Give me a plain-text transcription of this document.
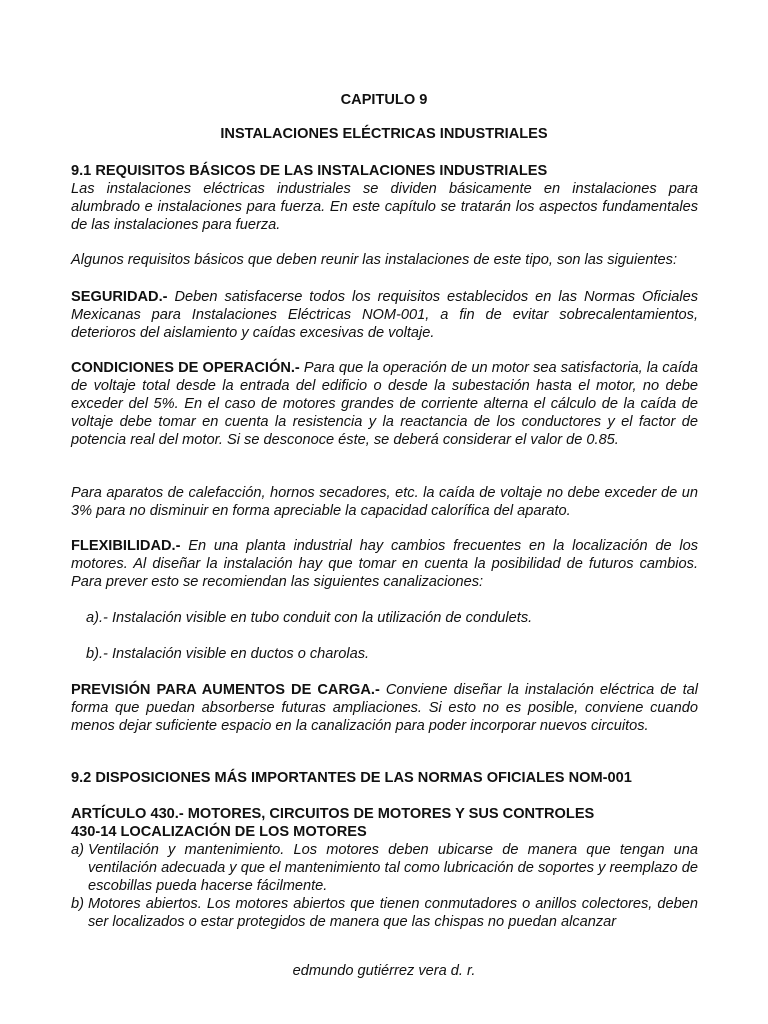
CAPITULO 9
INSTALACIONES ELÉCTRICAS INDUSTRIALES
9.1 REQUISITOS BÁSICOS DE LAS INSTALACIONES INDUSTRIALES
Las instalaciones eléctricas industriales se dividen básicamente en instalaciones para alumbrado e instalaciones para fuerza. En este capítulo se tratarán los aspectos fundamentales de las instalaciones para fuerza.
Algunos requisitos básicos que deben reunir las instalaciones de este tipo, son las siguientes:
SEGURIDAD.- Deben satisfacerse todos los requisitos establecidos en las Normas Oficiales Mexicanas para Instalaciones Eléctricas NOM-001, a fin de evitar sobrecalentamientos, deterioros del aislamiento y caídas excesivas de voltaje.
CONDICIONES DE OPERACIÓN.- Para que la operación de un motor sea satisfactoria, la caída de voltaje total desde la entrada del edificio o desde la subestación hasta el motor, no debe exceder del 5%. En el caso de motores grandes de corriente alterna el cálculo de la caída de voltaje debe tomar en cuenta la resistencia y la reactancia de los conductores y el factor de potencia real del motor. Si se desconoce éste, se deberá considerar el valor de 0.85.
Para aparatos de calefacción, hornos secadores, etc. la caída de voltaje no debe exceder de un 3% para no disminuir en forma apreciable la capacidad calorífica del aparato.
FLEXIBILIDAD.- En una planta industrial hay cambios frecuentes en la localización de los motores. Al diseñar la instalación hay que tomar en cuenta la posibilidad de futuros cambios. Para prever esto se recomiendan las siguientes canalizaciones:
a).- Instalación visible en tubo conduit con la utilización de condulets.
b).- Instalación visible en ductos o charolas.
PREVISIÓN PARA AUMENTOS DE CARGA.- Conviene diseñar la instalación eléctrica de tal forma que puedan absorberse futuras ampliaciones. Si esto no es posible, conviene cuando menos dejar suficiente espacio en la canalización para poder incorporar nuevos circuitos.
9.2 DISPOSICIONES MÁS IMPORTANTES DE LAS NORMAS OFICIALES NOM-001
ARTÍCULO 430.- MOTORES, CIRCUITOS DE MOTORES Y SUS CONTROLES
430-14 LOCALIZACIÓN DE LOS MOTORES
a) Ventilación y mantenimiento. Los motores deben ubicarse de manera que tengan una ventilación adecuada y que el mantenimiento tal como lubricación de soportes y reemplazo de escobillas pueda hacerse fácilmente.
b) Motores abiertos. Los motores abiertos que tienen conmutadores o anillos colectores, deben ser localizados o estar protegidos de manera que las chispas no puedan alcanzar
edmundo gutiérrez vera d. r.
